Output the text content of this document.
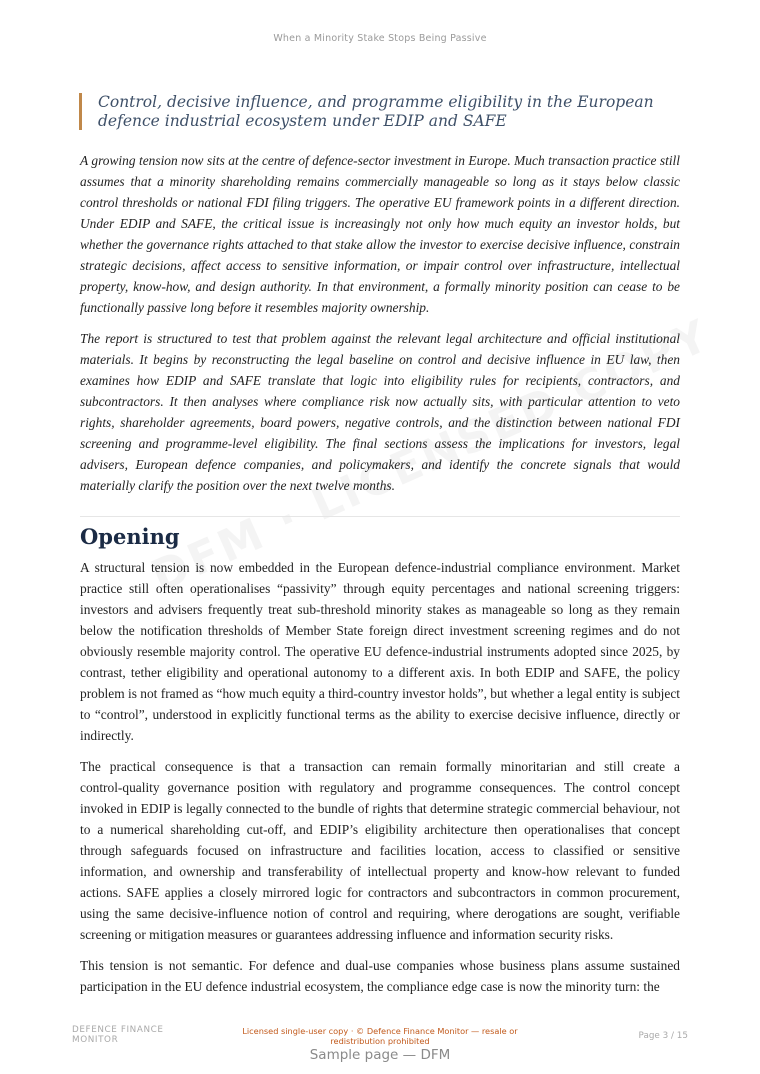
When a Minority Stake Stops Being Passive
Control, decisive influence, and programme eligibility in the European defence industrial ecosystem under EDIP and SAFE

A growing tension now sits at the centre of defence-sector investment in Europe. Much transaction practice still assumes that a minority shareholding remains commercially manageable so long as it stays below classic control thresholds or national FDI filing triggers. The operative EU framework points in a different direction. Under EDIP and SAFE, the critical issue is increasingly not only how much equity an investor holds, but whether the governance rights attached to that stake allow the investor to exercise decisive influence, constrain strategic decisions, affect access to sensitive information, or impair control over infrastructure, intellectual property, know-how, and design authority. In that environment, a formally minority position can cease to be functionally passive long before it resembles majority ownership.

The report is structured to test that problem against the relevant legal architecture and official institutional materials. It begins by reconstructing the legal baseline on control and decisive influence in EU law, then examines how EDIP and SAFE translate that logic into eligibility rules for recipients, contractors, and subcontractors. It then analyses where compliance risk now actually sits, with particular attention to veto rights, shareholder agreements, board powers, negative controls, and the distinction between national FDI screening and programme-level eligibility. The final sections assess the implications for investors, legal advisers, European defence companies, and policymakers, and identify the concrete signals that would materially clarify the position over the next twelve months.

Opening

A structural tension is now embedded in the European defence-industrial compliance environment. Market practice still often operationalises “passivity” through equity percentages and national screening triggers: investors and advisers frequently treat sub‑threshold minority stakes as manageable so long as they remain below the notification thresholds of Member State foreign direct investment screening regimes and do not obviously resemble majority control. The operative EU defence‑industrial instruments adopted since 2025, by contrast, tether eligibility and operational autonomy to a different axis. In both EDIP and SAFE, the policy problem is not framed as “how much equity a third‑country investor holds”, but whether a legal entity is subject to “control”, understood in explicitly functional terms as the ability to exercise decisive influence, directly or indirectly.

The practical consequence is that a transaction can remain formally minoritarian and still create a control‑quality governance position with regulatory and programme consequences. The control concept invoked in EDIP is legally connected to the bundle of rights that determine strategic commercial behaviour, not to a numerical shareholding cut‑off, and EDIP’s eligibility architecture then operationalises that concept through safeguards focused on infrastructure and facilities location, access to classified or sensitive information, and ownership and transferability of intellectual property and know‑how relevant to funded actions. SAFE applies a closely mirrored logic for contractors and subcontractors in common procurement, using the same decisive‑influence notion of control and requiring, where derogations are sought, verifiable screening or mitigation measures or guarantees addressing influence and information security risks.

This tension is not semantic. For defence and dual‑use companies whose business plans assume sustained participation in the EU defence industrial ecosystem, the compliance edge case is now the minority turn: the

DEFENCE FINANCE MONITOR
Licensed single-user copy · © Defence Finance Monitor — resale or redistribution prohibited	Page 3 / 15
Sample page — DFM
